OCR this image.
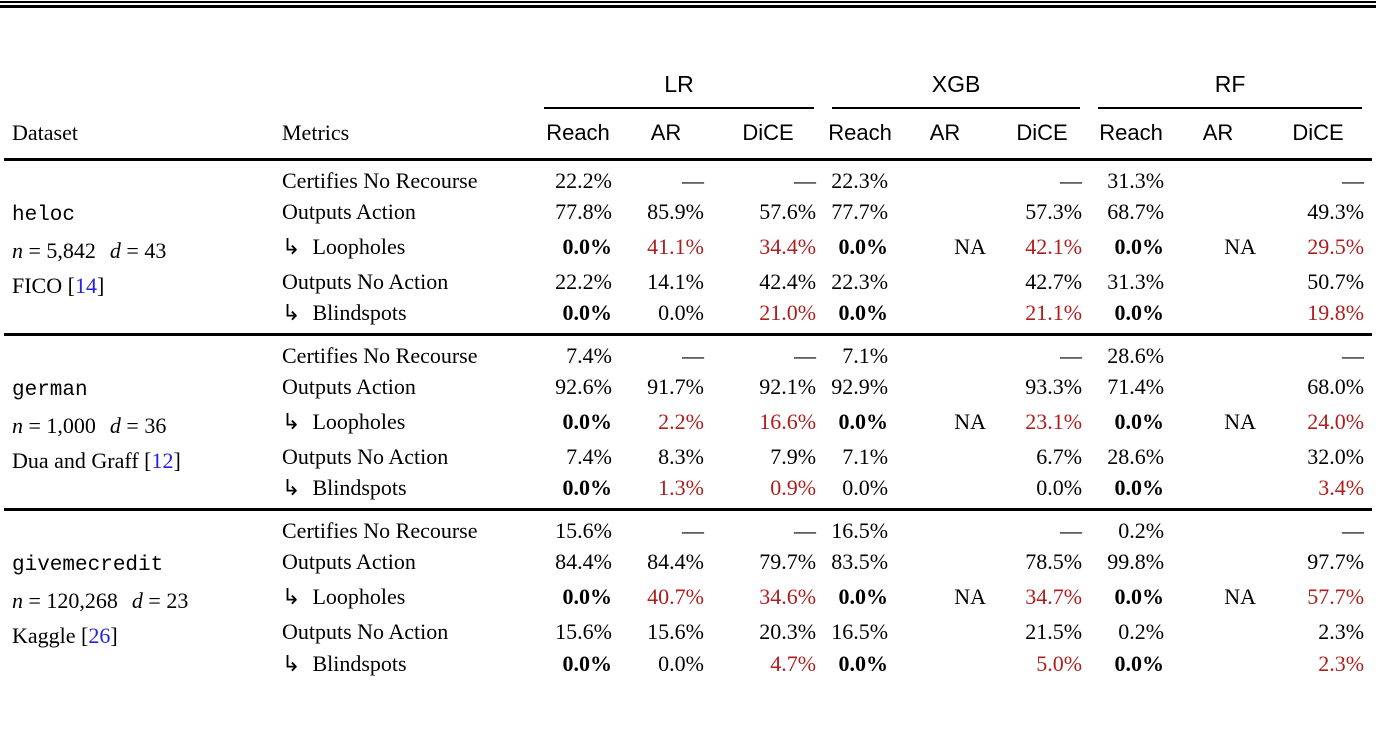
		LR			XGB			RF		

Dataset	Metrics	Reach	AR	DiCE	Reach	AR	DiCE	Reach	AR	DiCE

heloc
n = 5,842 d = 43
FICO [14]	Certifies No Recourse	22.2%	—	—	22.3%		—	31.3%		—
	Outputs Action	77.8%	85.9%	57.6%	77.7%		57.3%	68.7%		49.3%
	↳ Loopholes	0.0%	41.1%	34.4%	0.0%	NA	42.1%	0.0%	NA	29.5%
	Outputs No Action	22.2%	14.1%	42.4%	22.3%		42.7%	31.3%		50.7%
	↳ Blindspots	0.0%	0.0%	21.0%	0.0%		21.1%	0.0%		19.8%

german
n = 1,000 d = 36
Dua and Graff [12]	Certifies No Recourse	7.4%	—	—	7.1%		—	28.6%		—
	Outputs Action	92.6%	91.7%	92.1%	92.9%		93.3%	71.4%		68.0%
	↳ Loopholes	0.0%	2.2%	16.6%	0.0%	NA	23.1%	0.0%	NA	24.0%
	Outputs No Action	7.4%	8.3%	7.9%	7.1%		6.7%	28.6%		32.0%
	↳ Blindspots	0.0%	1.3%	0.9%	0.0%		0.0%	0.0%		3.4%

givemecredit
n = 120,268 d = 23
Kaggle [26]	Certifies No Recourse	15.6%	—	—	16.5%		—	0.2%		—
	Outputs Action	84.4%	84.4%	79.7%	83.5%		78.5%	99.8%		97.7%
	↳ Loopholes	0.0%	40.7%	34.6%	0.0%	NA	34.7%	0.0%	NA	57.7%
	Outputs No Action	15.6%	15.6%	20.3%	16.5%		21.5%	0.2%		2.3%
	↳ Blindspots	0.0%	0.0%	4.7%	0.0%		5.0%	0.0%		2.3%
